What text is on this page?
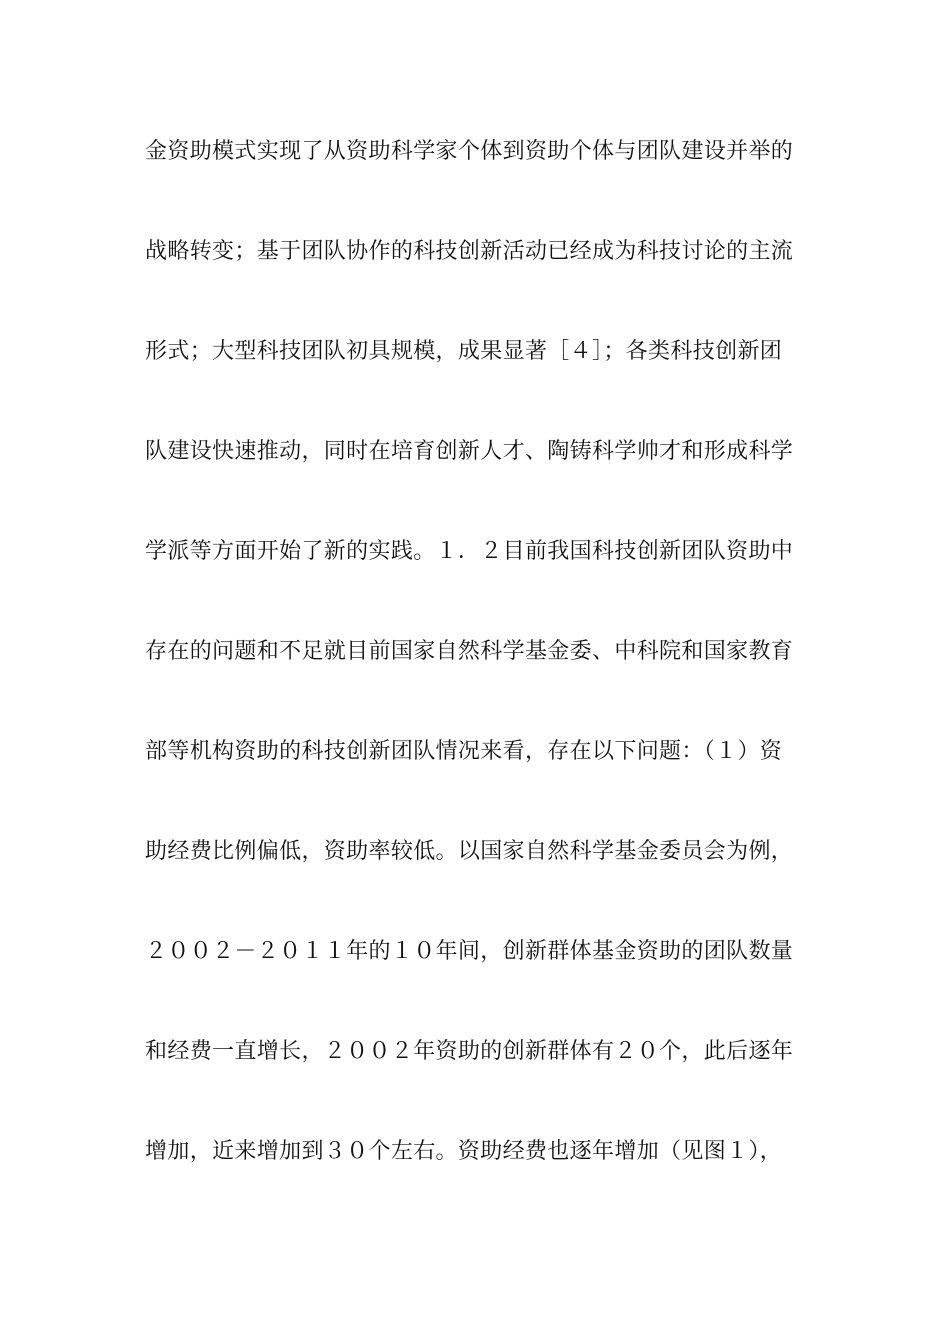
金资助模式实现了从资助科学家个体到资助个体与团队建设并举的
战略转变；基于团队协作的科技创新活动已经成为科技讨论的主流
形式；大型科技团队初具规模，成果显著［４］；各类科技创新团
队建设快速推动，同时在培育创新人才、陶铸科学帅才和形成科学
学派等方面开始了新的实践。１．２目前我国科技创新团队资助中
存在的问题和不足就目前国家自然科学基金委、中科院和国家教育
部等机构资助的科技创新团队情况来看，存在以下问题：（１）资
助经费比例偏低，资助率较低。以国家自然科学基金委员会为例，
２００２－２０１１年的１０年间，创新群体基金资助的团队数量
和经费一直增长，２００２年资助的创新群体有２０个，此后逐年
增加，近来增加到３０个左右。资助经费也逐年增加（见图１），
